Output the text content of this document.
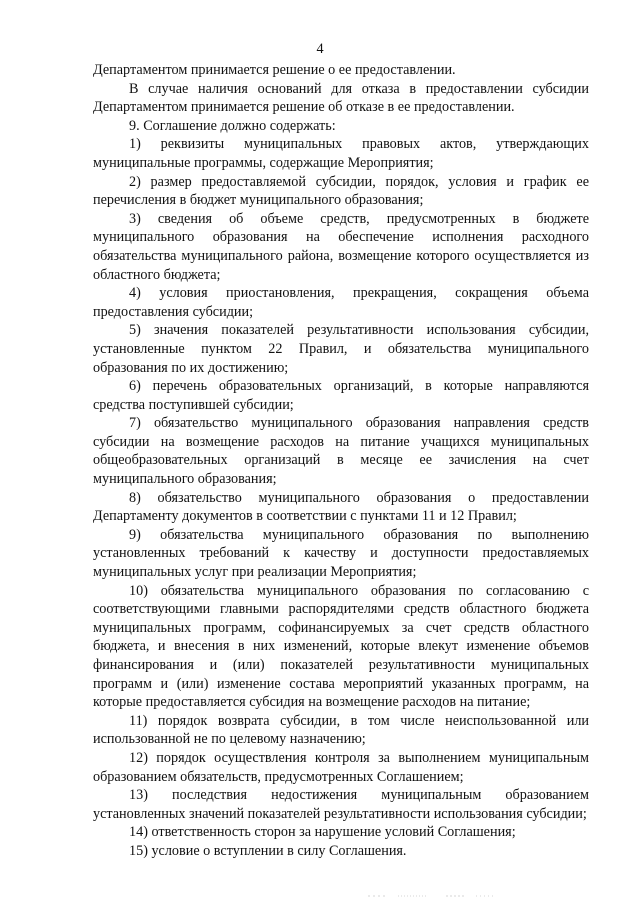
4

Департаментом принимается решение о ее предоставлении.

В случае наличия оснований для отказа в предоставлении субсидии Департаментом принимается решение об отказе в ее предоставлении.

9. Соглашение должно содержать:

1) реквизиты муниципальных правовых актов, утверждающих муниципальные программы, содержащие Мероприятия;

2) размер предоставляемой субсидии, порядок, условия и график ее перечисления в бюджет муниципального образования;

3) сведения об объеме средств, предусмотренных в бюджете муниципального образования на обеспечение исполнения расходного обязательства муниципального района, возмещение которого осуществляется из областного бюджета;

4) условия приостановления, прекращения, сокращения объема предоставления субсидии;

5) значения показателей результативности использования субсидии, установленные пунктом 22 Правил, и обязательства муниципального образования по их достижению;

6) перечень образовательных организаций, в которые направляются средства поступившей субсидии;

7) обязательство муниципального образования направления средств субсидии на возмещение расходов на питание учащихся муниципальных общеобразовательных организаций в месяце ее зачисления на счет муниципального образования;

8) обязательство муниципального образования о предоставлении Департаменту документов в соответствии с пунктами 11 и 12 Правил;

9) обязательства муниципального образования по выполнению установленных требований к качеству и доступности предоставляемых муниципальных услуг при реализации Мероприятия;

10) обязательства муниципального образования по согласованию с соответствующими главными распорядителями средств областного бюджета муниципальных программ, софинансируемых за счет средств областного бюджета, и внесения в них изменений, которые влекут изменение объемов финансирования и (или) показателей результативности муниципальных программ и (или) изменение состава мероприятий указанных программ, на которые предоставляется субсидия на возмещение расходов на питание;

11) порядок возврата субсидии, в том числе неиспользованной или использованной не по целевому назначению;

12) порядок осуществления контроля за выполнением муниципальным образованием обязательств, предусмотренных Соглашением;

13) последствия недостижения муниципальным образованием установленных значений показателей результативности использования субсидии;

14) ответственность сторон за нарушение условий Соглашения;

15) условие о вступлении в силу Соглашения.
